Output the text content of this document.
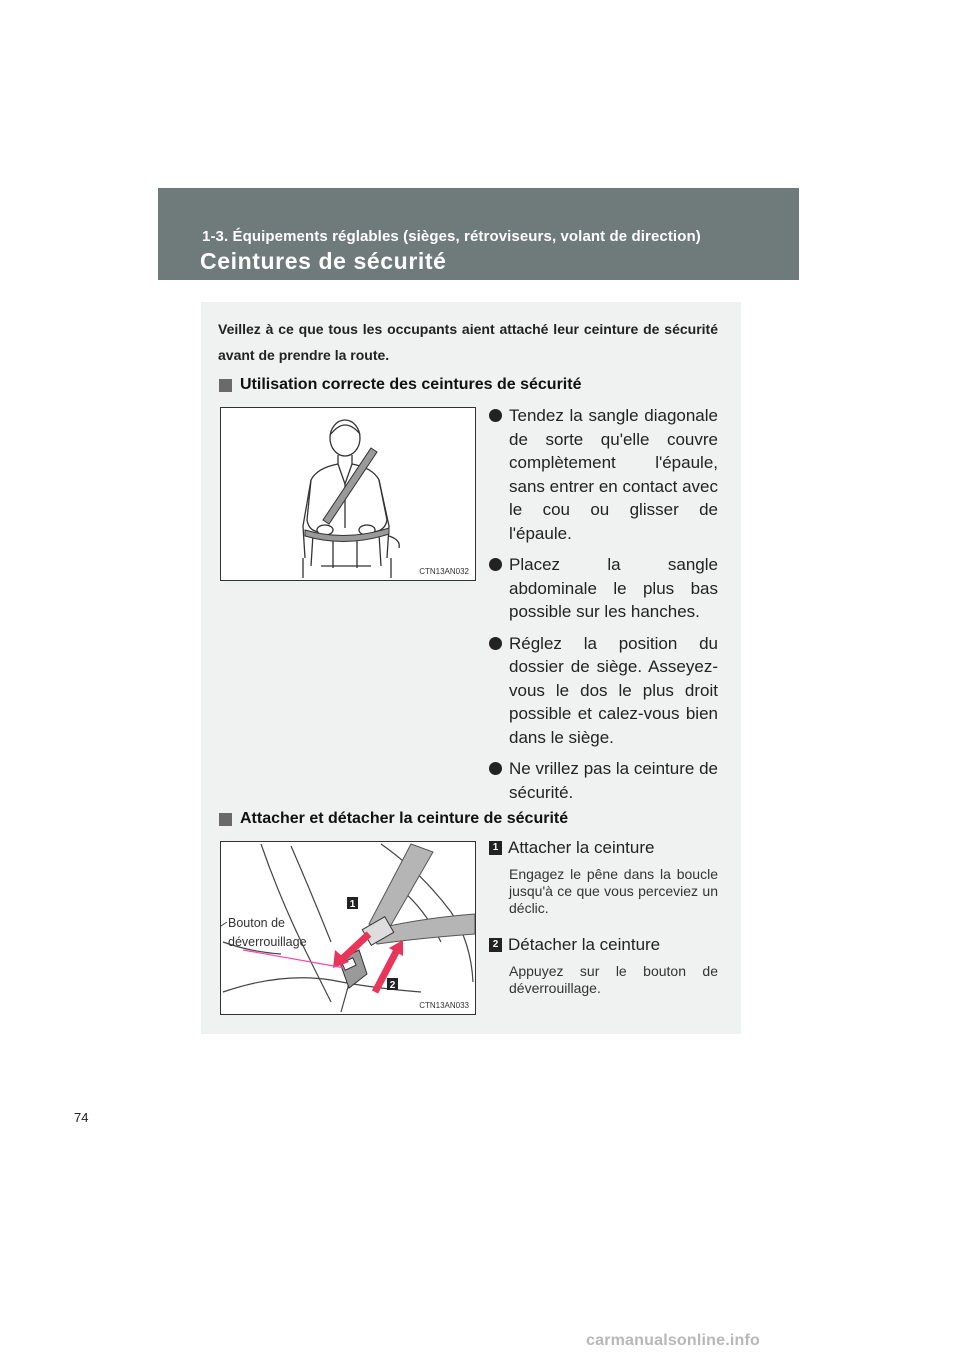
1-3. Équipements réglables (sièges, rétroviseurs, volant de direction)
Ceintures de sécurité
Veillez à ce que tous les occupants aient attaché leur ceinture de sécurité avant de prendre la route.
Utilisation correcte des ceintures de sécurité
CTN13AN032
Tendez la sangle diagonale de sorte qu'elle couvre complètement l'épaule, sans entrer en contact avec le cou ou glisser de l'épaule.
Placez la sangle abdominale le plus bas possible sur les hanches.
Réglez la position du dossier de siège. Asseyez-vous le dos le plus droit possible et calez-vous bien dans le siège.
Ne vrillez pas la ceinture de sécurité.
Attacher et détacher la ceinture de sécurité
1
2
CTN13AN033
Bouton de
déverrouillage
1 Attacher la ceinture
Engagez le pêne dans la boucle jusqu'à ce que vous perceviez un déclic.
2 Détacher la ceinture
Appuyez sur le bouton de déverrouillage.
74
carmanualsonline.info
